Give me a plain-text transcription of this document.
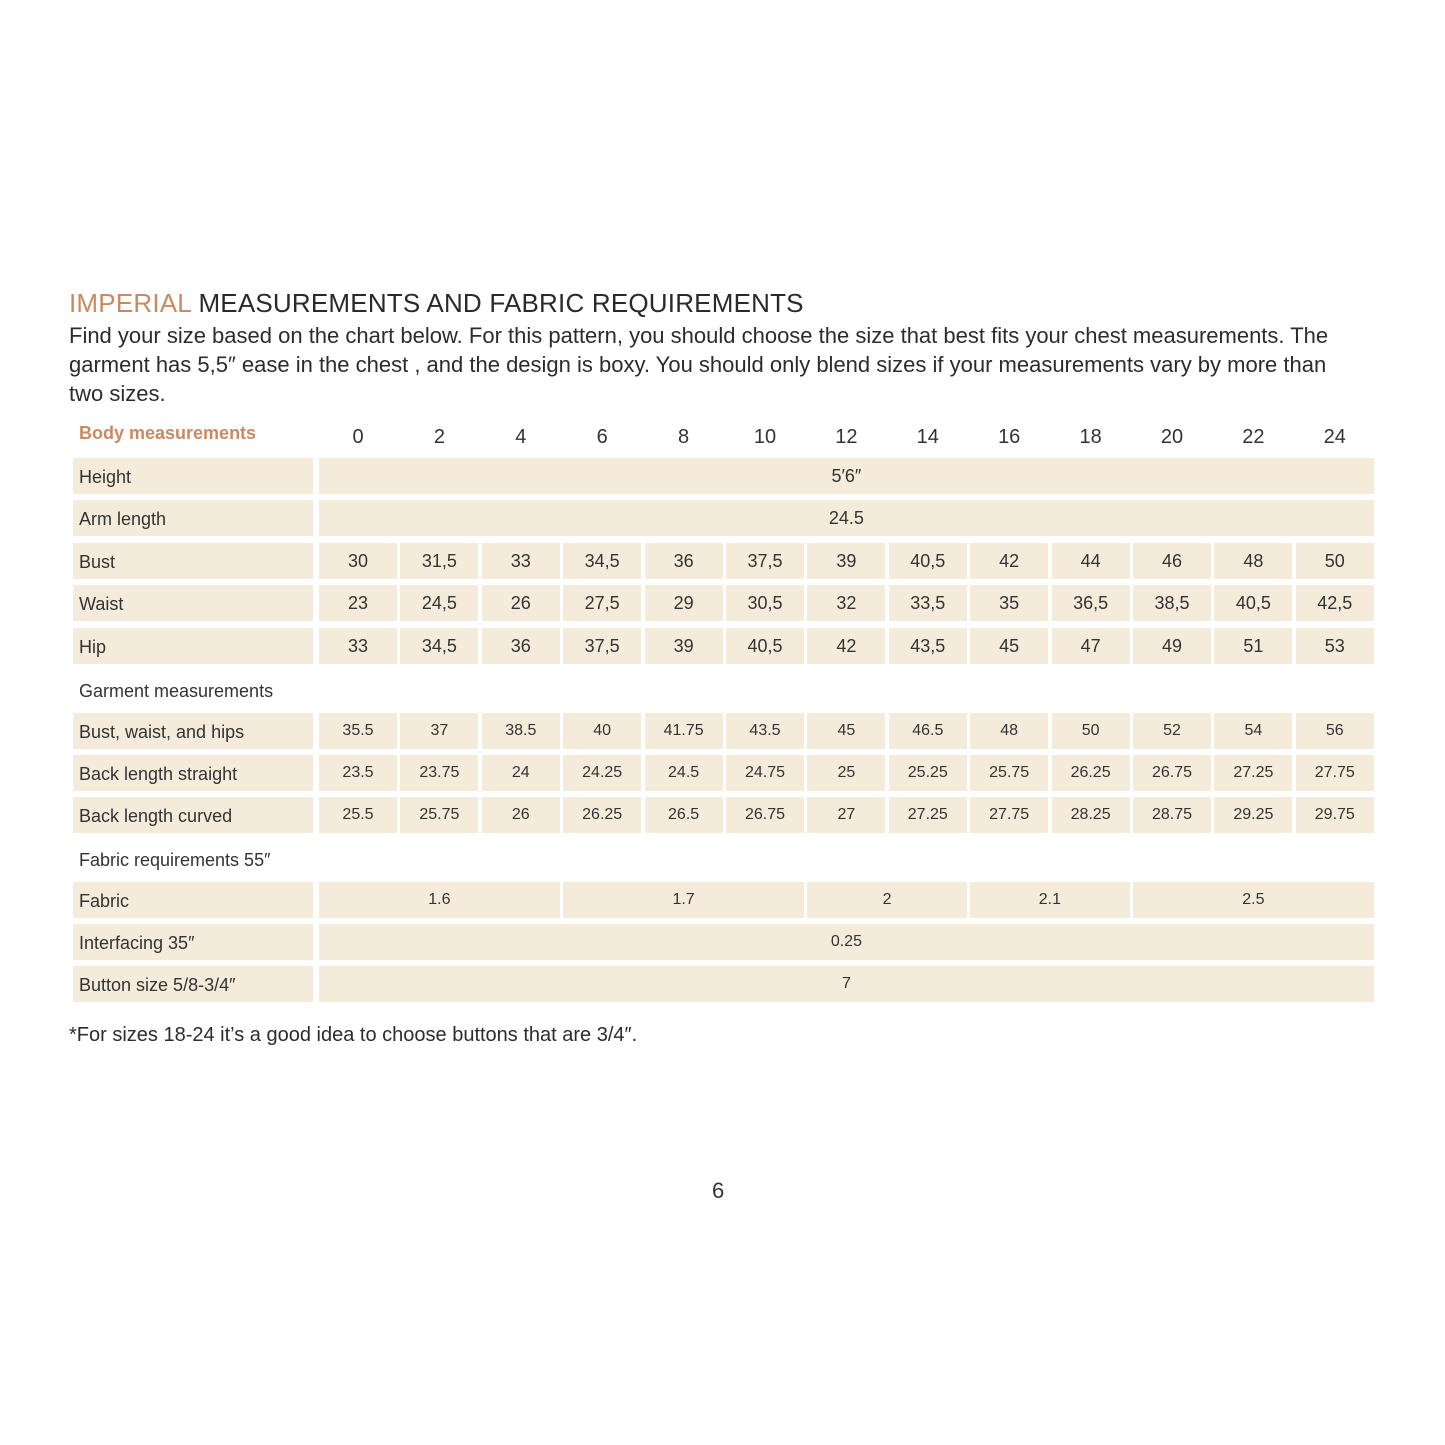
IMPERIAL MEASUREMENTS AND FABRIC REQUIREMENTS
Find your size based on the chart below. For this pattern, you should choose the size that best fits your chest measurements. The garment has 5,5″ ease in the chest , and the design is boxy. You should only blend sizes if your measurements vary by more than two sizes.
Body measurements	0	2	4	6	8	10	12	14	16	18	20	22	24
Height	5′6″
Arm length	24.5
Bust	30	31,5	33	34,5	36	37,5	39	40,5	42	44	46	48	50
Waist	23	24,5	26	27,5	29	30,5	32	33,5	35	36,5	38,5	40,5	42,5
Hip	33	34,5	36	37,5	39	40,5	42	43,5	45	47	49	51	53
Garment measurements
Bust, waist, and hips	35.5	37	38.5	40	41.75	43.5	45	46.5	48	50	52	54	56
Back length straight	23.5	23.75	24	24.25	24.5	24.75	25	25.25	25.75	26.25	26.75	27.25	27.75
Back length curved	25.5	25.75	26	26.25	26.5	26.75	27	27.25	27.75	28.25	28.75	29.25	29.75
Fabric requirements 55″
Fabric	1.6	1.7	2	2.1	2.5
Interfacing 35″	0.25
Button size 5/8-3/4″	7
*For sizes 18-24 it’s a good idea to choose buttons that are 3/4″.
6
